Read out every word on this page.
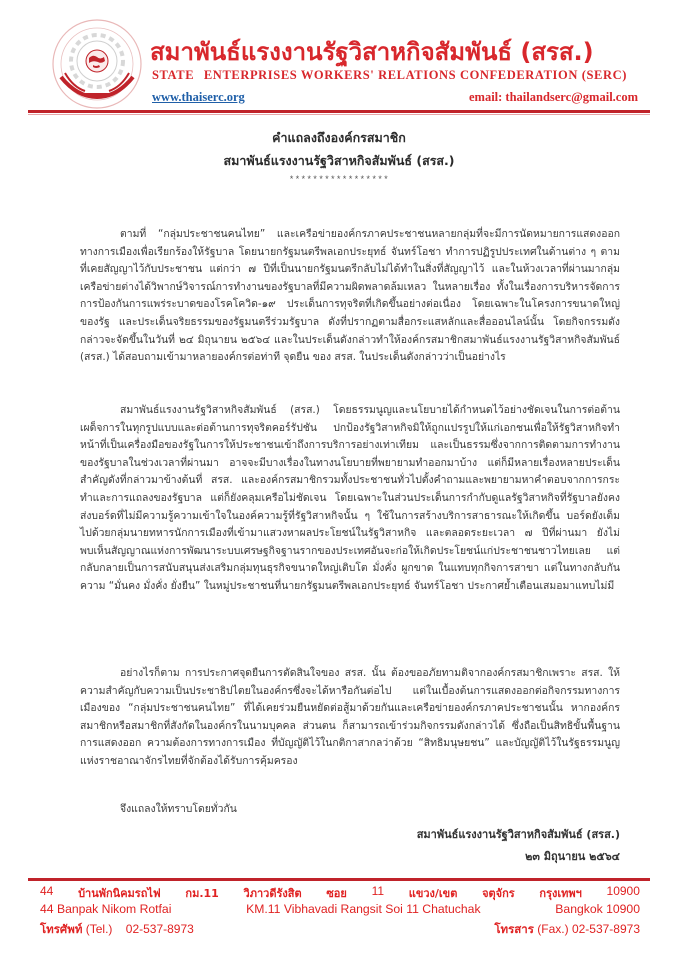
สมาพันธ์แรงงานรัฐวิสาหกิจสัมพันธ์ (สรส.)
STATE ENTERPRISES WORKERS' RELATIONS CONFEDERATION (SERC)
www.thaiserc.org	email: thailandserc@gmail.com
คำแถลงถึงองค์กรสมาชิก
สมาพันธ์แรงงานรัฐวิสาหกิจสัมพันธ์ (สรส.)
*****************

ตามที่ “กลุ่มประชาชนคนไทย” และเครือข่ายองค์กรภาคประชาชนหลายกลุ่มที่จะมีการนัดหมายการแสดงออกทางการเมืองเพื่อเรียกร้องให้รัฐบาล โดยนายกรัฐมนตรีพลเอกประยุทธ์ จันทร์โอชา ทำการปฏิรูปประเทศในด้านต่าง ๆ ตามที่เคยสัญญาไว้กับประชาชน แต่กว่า ๗ ปีที่เป็นนายกรัฐมนตรีกลับไม่ได้ทำในสิ่งที่สัญญาไว้ และในห้วงเวลาที่ผ่านมากลุ่มเครือข่ายต่างได้วิพากษ์วิจารณ์การทำงานของรัฐบาลที่มีความผิดพลาดล้มเหลว ในหลายเรื่อง ทั้งในเรื่องการบริหารจัดการการป้องกันการแพร่ระบาดของโรคโควิด-๑๙ ประเด็นการทุจริตที่เกิดขึ้นอย่างต่อเนื่อง โดยเฉพาะในโครงการขนาดใหญ่ของรัฐ และประเด็นจริยธรรมของรัฐมนตรีร่วมรัฐบาล ดังที่ปรากฏตามสื่อกระแสหลักและสื่อออนไลน์นั้น โดยกิจกรรมดังกล่าวจะจัดขึ้นในวันที่ ๒๔ มิถุนายน ๒๕๖๔ และในประเด็นดังกล่าวทำให้องค์กรสมาชิกสมาพันธ์แรงงานรัฐวิสาหกิจสัมพันธ์ (สรส.) ได้สอบถามเข้ามาหลายองค์กรต่อท่าที จุดยืน ของ สรส. ในประเด็นดังกล่าวว่าเป็นอย่างไร

สมาพันธ์แรงงานรัฐวิสาหกิจสัมพันธ์ (สรส.) โดยธรรมนูญและนโยบายได้กำหนดไว้อย่างชัดเจนในการต่อต้านเผด็จการในทุกรูปแบบและต่อต้านการทุจริตคอร์รัปชัน ปกป้องรัฐวิสาหกิจมิให้ถูกแปรรูปให้แก่เอกชนเพื่อให้รัฐวิสาหกิจทำหน้าที่เป็นเครื่องมือของรัฐในการให้ประชาชนเข้าถึงการบริการอย่างเท่าเทียม และเป็นธรรมซึ่งจากการติดตามการทำงานของรัฐบาลในช่วงเวลาที่ผ่านมา อาจจะมีบางเรื่องในทางนโยบายที่พยายามทำออกมาบ้าง แต่ก็มีหลายเรื่องหลายประเด็นสำคัญดังที่กล่าวมาข้างต้นที่ สรส. และองค์กรสมาชิกรวมทั้งประชาชนทั่วไปตั้งคำถามและพยายามหาคำตอบจากการกระทำและการแถลงของรัฐบาล แต่ก็ยังคลุมเครือไม่ชัดเจน โดยเฉพาะในส่วนประเด็นการกำกับดูแลรัฐวิสาหกิจที่รัฐบาลยังคงส่งบอร์ดที่ไม่มีความรู้ความเข้าใจในองค์ความรู้ที่รัฐวิสาหกิจนั้น ๆ ใช้ในการสร้างบริการสาธารณะให้เกิดขึ้น บอร์ดยังเต็มไปด้วยกลุ่มนายทหารนักการเมืองที่เข้ามาแสวงหาผลประโยชน์ในรัฐวิสาหกิจ และตลอดระยะเวลา ๗ ปีที่ผ่านมา ยังไม่พบเห็นสัญญาณแห่งการพัฒนาระบบเศรษฐกิจฐานรากของประเทศอันจะก่อให้เกิดประโยชน์แก่ประชาชนชาวไทยเลย แต่กลับกลายเป็นการสนับสนุนส่งเสริมกลุ่มทุนธุรกิจขนาดใหญ่เติบโต มั่งคั่ง ผูกขาด ในแทบทุกกิจการสาขา แต่ในทางกลับกันความ “มั่นคง มั่งคั่ง ยั่งยืน” ในหมู่ประชาชนที่นายกรัฐมนตรีพลเอกประยุทธ์ จันทร์โอชา ประกาศย้ำเตือนเสมอมาแทบไม่มี

อย่างไรก็ตาม การประกาศจุดยืนการตัดสินใจของ สรส. นั้น ต้องขออภัยทามติจากองค์กรสมาชิกเพราะ สรส. ให้ความสำคัญกับความเป็นประชาธิปไตยในองค์กรซึ่งจะได้หารือกันต่อไป แต่ในเบื้องต้นการแสดงออกต่อกิจกรรมทางการเมืองของ “กลุ่มประชาชนคนไทย” ที่ได้เคยร่วมยืนหยัดต่อสู้มาด้วยกันและเครือข่ายองค์กรภาคประชาชนนั้น หากองค์กรสมาชิกหรือสมาชิกที่สังกัดในองค์กรในนามบุคคล ส่วนตน ก็สามารถเข้าร่วมกิจกรรมดังกล่าวได้ ซึ่งถือเป็นสิทธิขั้นพื้นฐาน การแสดงออก ความต้องการทางการเมือง ที่บัญญัติไว้ในกติกาสากลว่าด้วย “สิทธิมนุษยชน” และบัญญัติไว้ในรัฐธรรมนูญแห่งราชอาณาจักรไทยที่จักต้องได้รับการคุ้มครอง

จึงแถลงให้ทราบโดยทั่วกัน
สมาพันธ์แรงงานรัฐวิสาหกิจสัมพันธ์ (สรส.)
๒๓ มิถุนายน ๒๕๖๔
44 บ้านพักนิคมรถไฟ กม.11 วิภาวดีรังสิต ซอย 11 แขวง/เขต จตุจักร กรุงเทพฯ 10900
44 Banpak Nikom Rotfai	KM.11 Vibhavadi Rangsit Soi 11 Chatuchak	Bangkok 10900
โทรศัพท์ (Tel.) 02-537-8973	โทรสาร (Fax.) 02-537-8973
